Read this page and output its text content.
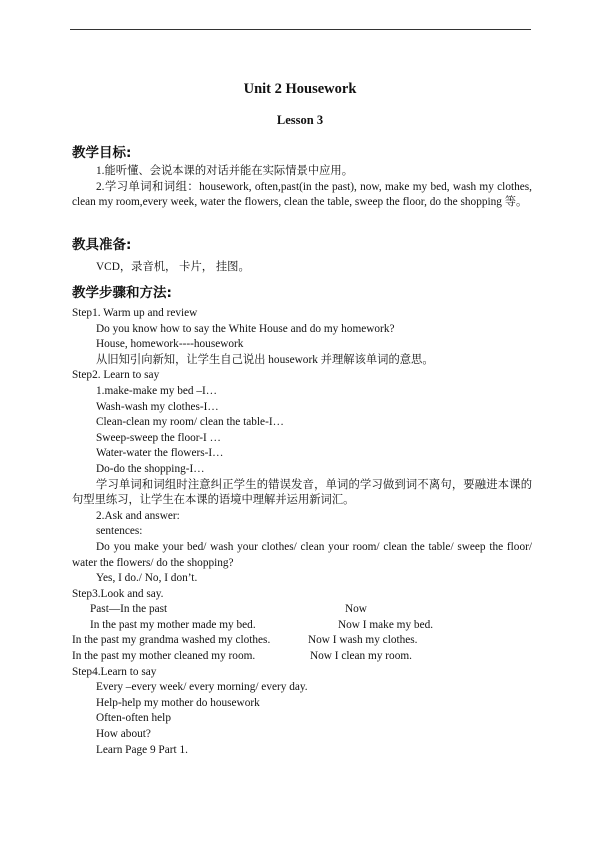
Unit 2 Housework
Lesson 3
教学目标:

1.能听懂、会说本课的对话并能在实际情景中应用。

2.学习单词和词组：housework, often,past(in the past), now, make my bed, wash my clothes, clean my room,every week, water the flowers, clean the table, sweep the floor, do the shopping 等。

教具准备:

VCD，录音机， 卡片， 挂图。

教学步骤和方法:

Step1. Warm up and review

Do you know how to say the White House and do my homework?

House, homework----housework

从旧知引向新知，让学生自己说出 housework 并理解该单词的意思。

Step2. Learn to say

1.make-make my bed –I…

Wash-wash my clothes-I…

Clean-clean my room/ clean the table-I…

Sweep-sweep the floor-I …

Water-water the flowers-I…

Do-do the shopping-I…

学习单词和词组时注意纠正学生的错误发音，单词的学习做到词不离句，要融进本课的句型里练习，让学生在本课的语境中理解并运用新词汇。

2.Ask and answer:

sentences:

Do you make your bed/ wash your clothes/ clean your room/ clean the table/ sweep the floor/ water the flowers/ do the shopping?

Yes, I do./ No, I don’t.

Step3.Look and say.

Past—In the past	Now

In the past my mother made my bed.	Now I make my bed.

In the past my grandma washed my clothes.	Now I wash my clothes.

In the past my mother cleaned my room.	Now I clean my room.

Step4.Learn to say

Every –every week/ every morning/ every day.

Help-help my mother do housework

Often-often help

How about?

Learn Page 9 Part 1.
